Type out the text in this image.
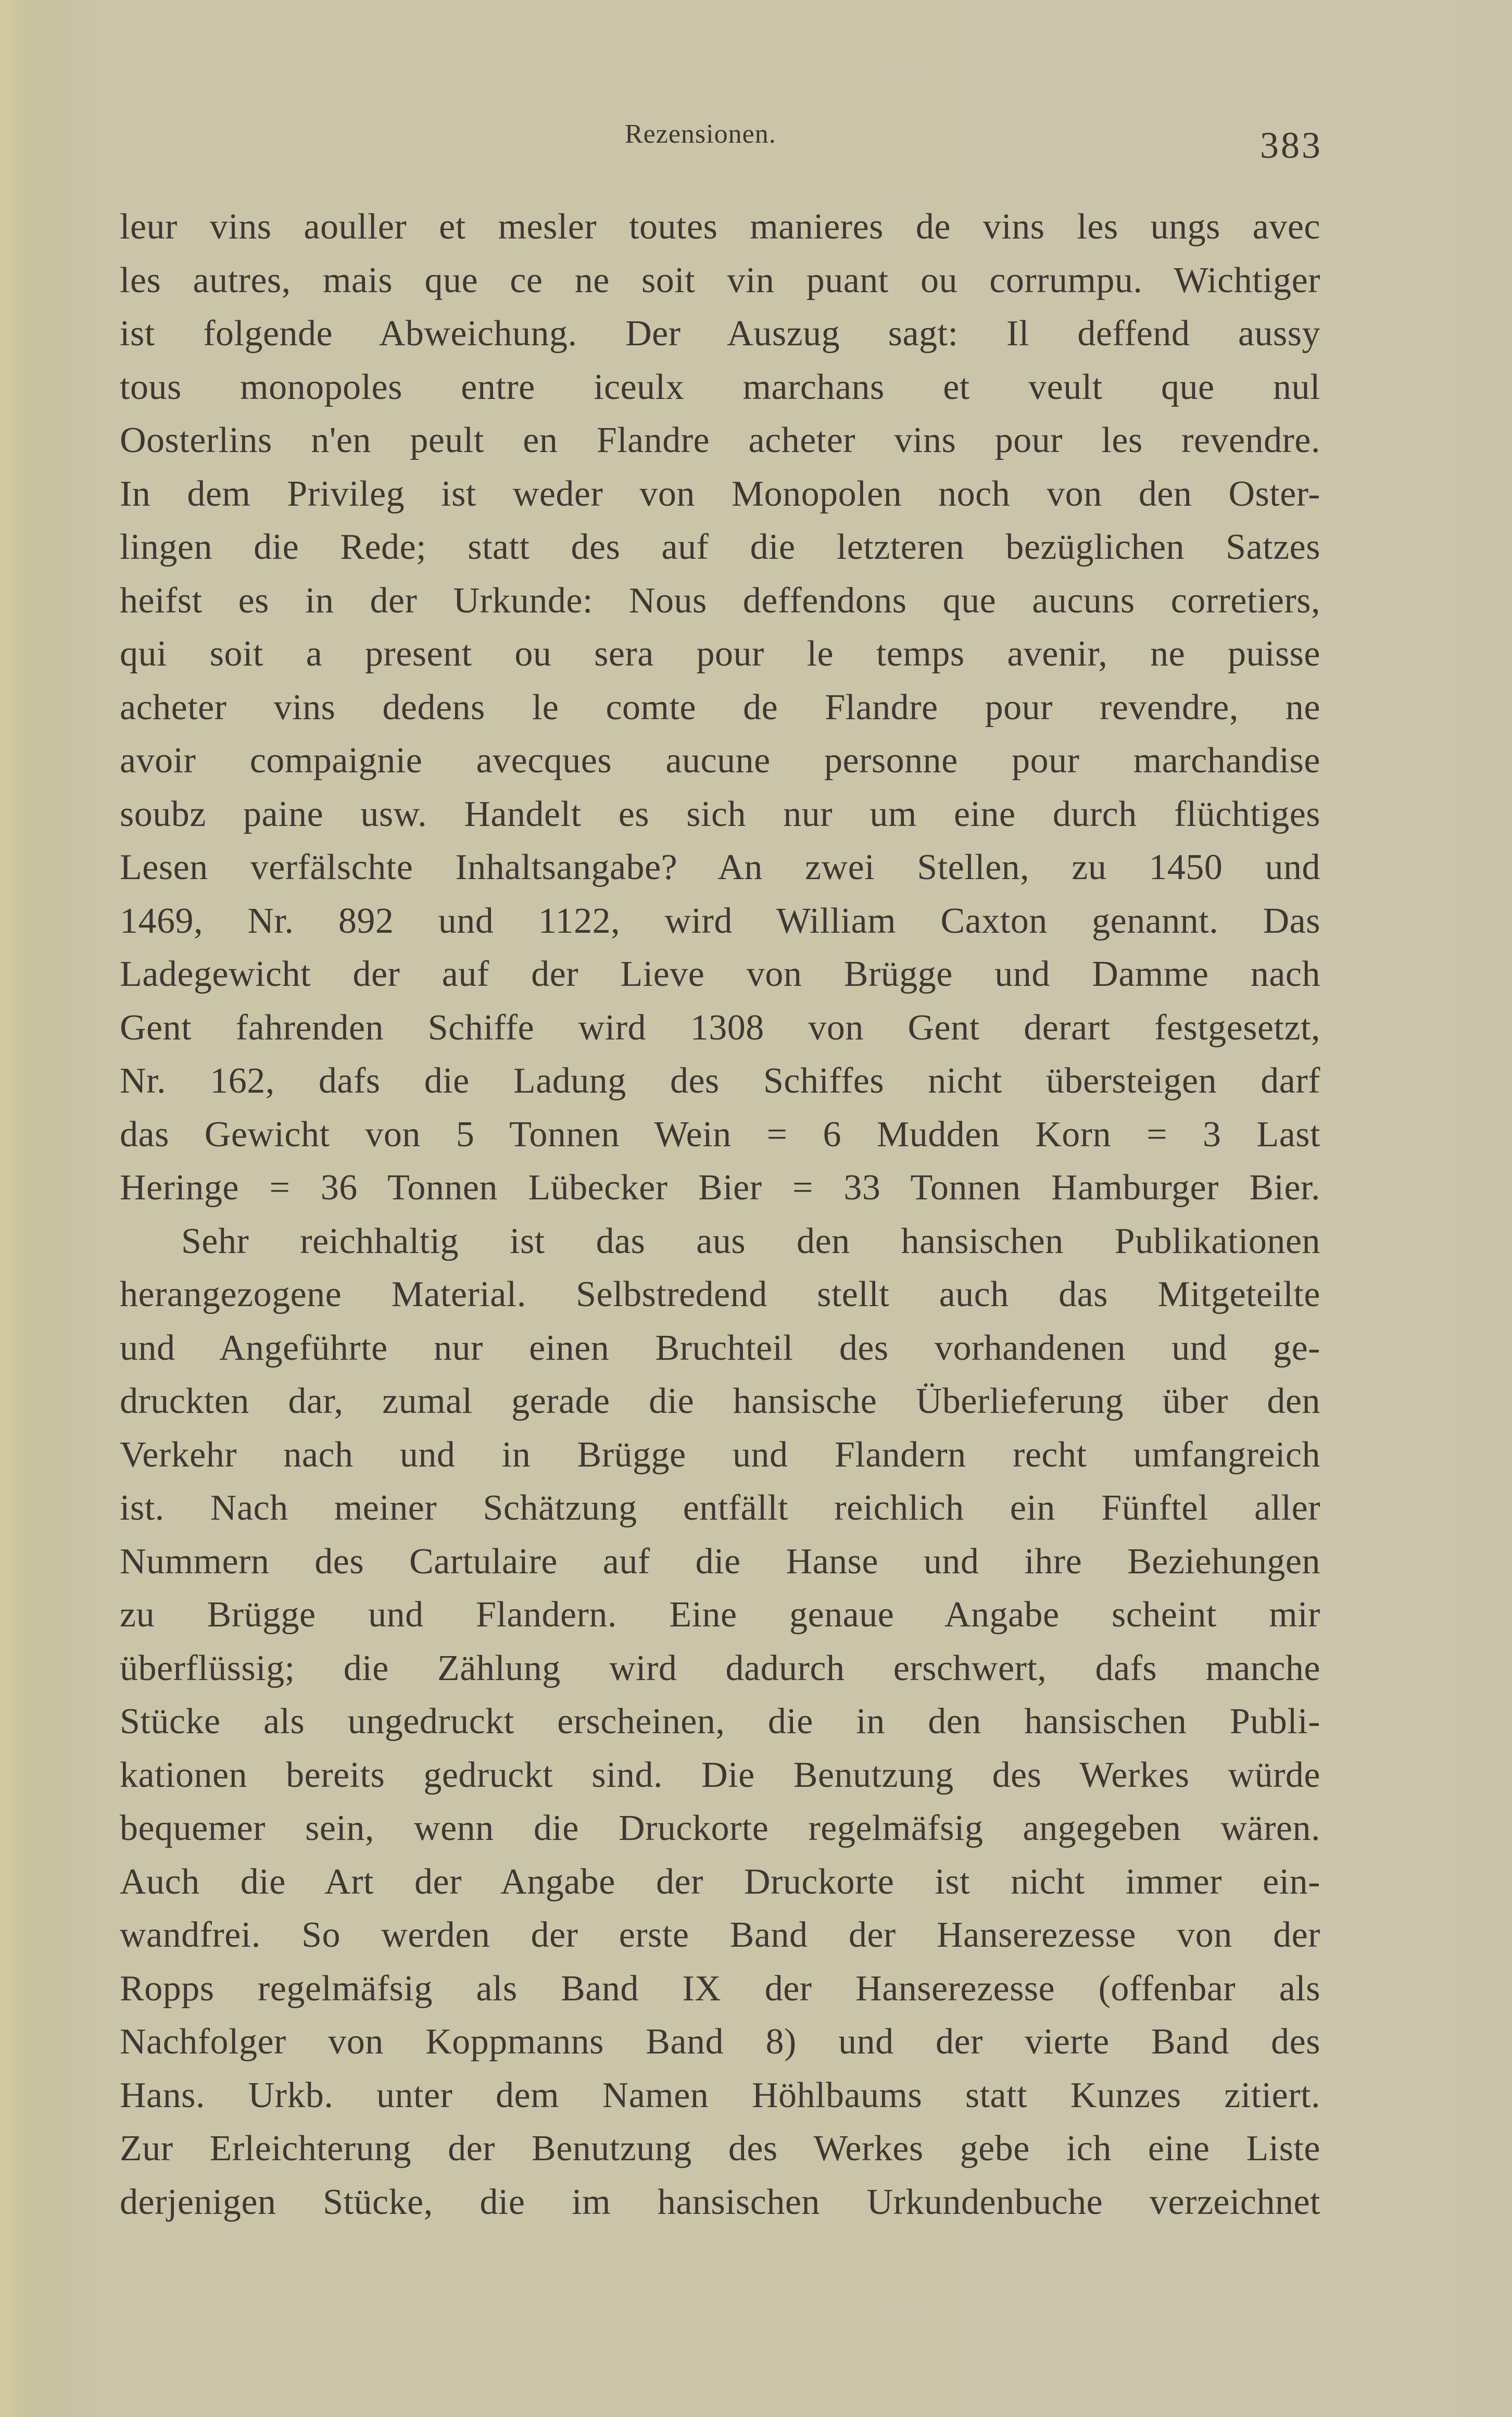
Rezensionen.	383
leur vins aouller et mesler toutes manieres de vins les ungs avec
les autres, mais que ce ne soit vin puant ou corrumpu. Wichtiger
ist folgende Abweichung. Der Auszug sagt: Il deffend aussy
tous monopoles entre iceulx marchans et veult que nul
Oosterlins n'en peult en Flandre acheter vins pour les revendre.
In dem Privileg ist weder von Monopolen noch von den Oster-
lingen die Rede; statt des auf die letzteren bezüglichen Satzes
heifst es in der Urkunde: Nous deffendons que aucuns corretiers,
qui soit a present ou sera pour le temps avenir, ne puisse
acheter vins dedens le comte de Flandre pour revendre, ne
avoir compaignie avecques aucune personne pour marchandise
soubz paine usw. Handelt es sich nur um eine durch flüchtiges
Lesen verfälschte Inhaltsangabe? An zwei Stellen, zu 1450 und
1469, Nr. 892 und 1122, wird William Caxton genannt. Das
Ladegewicht der auf der Lieve von Brügge und Damme nach
Gent fahrenden Schiffe wird 1308 von Gent derart festgesetzt,
Nr. 162, dafs die Ladung des Schiffes nicht übersteigen darf
das Gewicht von 5 Tonnen Wein = 6 Mudden Korn = 3 Last
Heringe = 36 Tonnen Lübecker Bier = 33 Tonnen Hamburger Bier.
Sehr reichhaltig ist das aus den hansischen Publikationen
herangezogene Material. Selbstredend stellt auch das Mitgeteilte
und Angeführte nur einen Bruchteil des vorhandenen und ge-
druckten dar, zumal gerade die hansische Überlieferung über den
Verkehr nach und in Brügge und Flandern recht umfangreich
ist. Nach meiner Schätzung entfällt reichlich ein Fünftel aller
Nummern des Cartulaire auf die Hanse und ihre Beziehungen
zu Brügge und Flandern. Eine genaue Angabe scheint mir
überflüssig; die Zählung wird dadurch erschwert, dafs manche
Stücke als ungedruckt erscheinen, die in den hansischen Publi-
kationen bereits gedruckt sind. Die Benutzung des Werkes würde
bequemer sein, wenn die Druckorte regelmäfsig angegeben wären.
Auch die Art der Angabe der Druckorte ist nicht immer ein-
wandfrei. So werden der erste Band der Hanserezesse von der
Ropps regelmäfsig als Band IX der Hanserezesse (offenbar als
Nachfolger von Koppmanns Band 8) und der vierte Band des
Hans. Urkb. unter dem Namen Höhlbaums statt Kunzes zitiert.
Zur Erleichterung der Benutzung des Werkes gebe ich eine Liste
derjenigen Stücke, die im hansischen Urkundenbuche verzeichnet
